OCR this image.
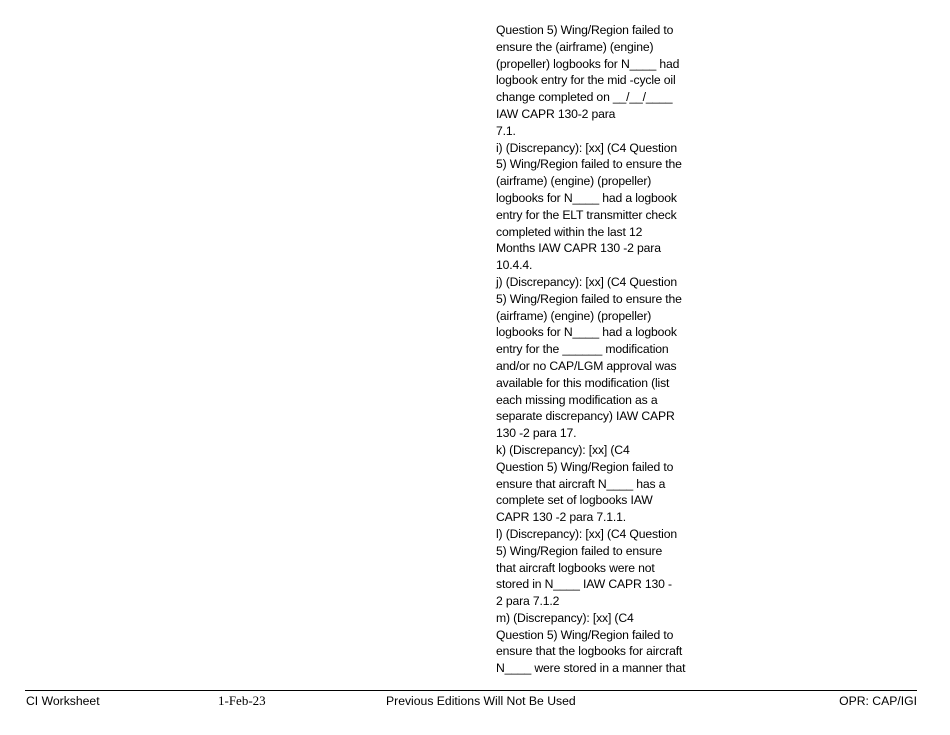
Question 5) Wing/Region failed to
ensure the (airframe) (engine)
(propeller) logbooks for N____ had
logbook entry for the mid -cycle oil
change completed on __/__/____
IAW CAPR 130-2 para
7.1.
i) (Discrepancy): [xx] (C4 Question
5) Wing/Region failed to ensure the
(airframe) (engine) (propeller)
logbooks for N____ had a logbook
entry for the ELT transmitter check
completed within the last 12
Months IAW CAPR 130 -2 para
10.4.4.
j) (Discrepancy): [xx] (C4 Question
5) Wing/Region failed to ensure the
(airframe) (engine) (propeller)
logbooks for N____ had a logbook
entry for the ______ modification
and/or no CAP/LGM approval was
available for this modification (list
each missing modification as a
separate discrepancy) IAW CAPR
130 -2 para 17.
k) (Discrepancy): [xx] (C4
Question 5) Wing/Region failed to
ensure that aircraft N____ has a
complete set of logbooks IAW
CAPR 130 -2 para 7.1.1.
l) (Discrepancy): [xx] (C4 Question
5) Wing/Region failed to ensure
that aircraft logbooks were not
stored in N____ IAW CAPR 130 -
2 para 7.1.2
m) (Discrepancy): [xx] (C4
Question 5) Wing/Region failed to
ensure that the logbooks for aircraft
N____ were stored in a manner that
CI Worksheet	1-Feb-23	Previous Editions Will Not Be Used	OPR: CAP/IGI
